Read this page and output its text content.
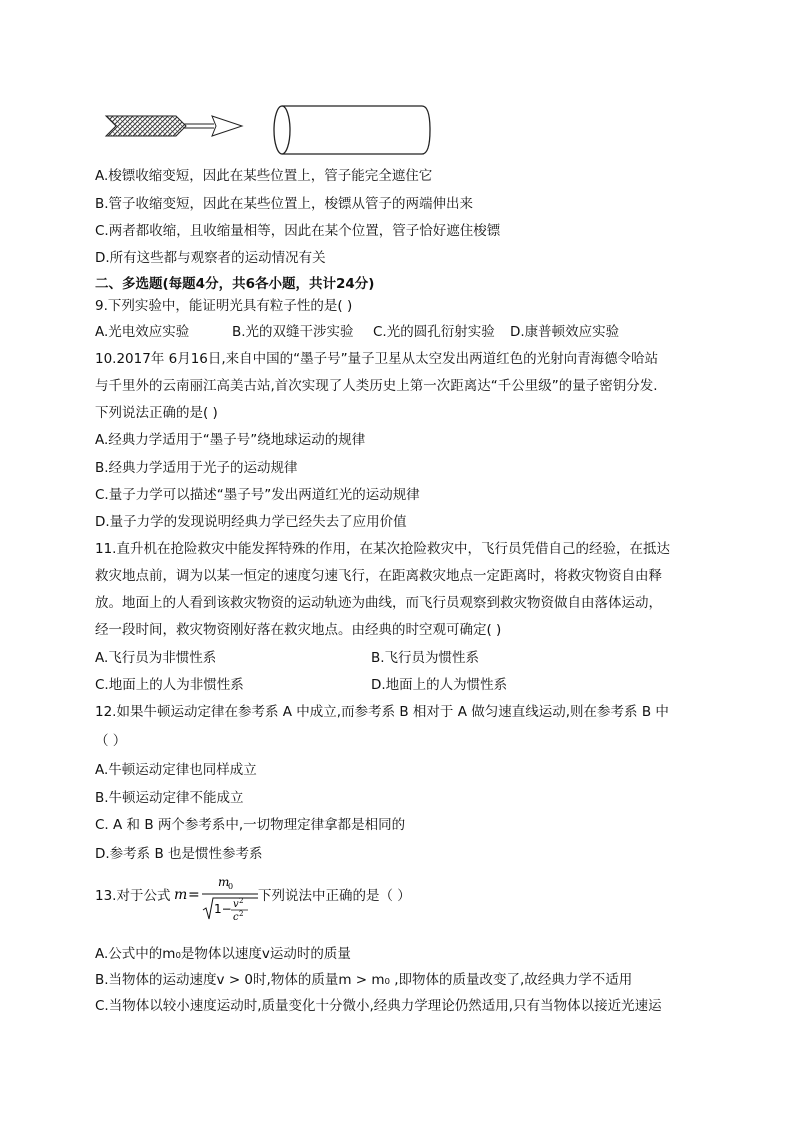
A.梭镖收缩变短，因此在某些位置上，管子能完全遮住它
B.管子收缩变短，因此在某些位置上，梭镖从管子的两端伸出来
C.两者都收缩，且收缩量相等，因此在某个位置，管子恰好遮住梭镖
D.所有这些都与观察者的运动情况有关
二、多选题(每题4分，共6各小题，共计24分)
9.下列实验中，能证明光具有粒子性的是( )
A.光电效应实验	B.光的双缝干涉实验 C.光的圆孔衍射实验 D.康普顿效应实验
10.2017年 6月16日,来自中国的“墨子号”量子卫星从太空发出两道红色的光射向青海德令哈站
与千里外的云南丽江高美古站,首次实现了人类历史上第一次距离达“千公里级”的量子密钥分发.
下列说法正确的是( )
A.经典力学适用于“墨子号”绕地球运动的规律
B.经典力学适用于光子的运动规律
C.量子力学可以描述“墨子号”发出两道红光的运动规律
D.量子力学的发现说明经典力学已经失去了应用价值
11.直升机在抢险救灾中能发挥特殊的作用，在某次抢险救灾中，飞行员凭借自己的经验，在抵达
救灾地点前，调为以某一恒定的速度匀速飞行，在距离救灾地点一定距离时，将救灾物资自由释
放。地面上的人看到该救灾物资的运动轨迹为曲线，而飞行员观察到救灾物资做自由落体运动，
经一段时间，救灾物资刚好落在救灾地点。由经典的时空观可确定( )
A.飞行员为非惯性系	B.飞行员为惯性系
C.地面上的人为非惯性系	D.地面上的人为惯性系
12.如果牛顿运动定律在参考系 A 中成立,而参考系 B 相对于 A 做匀速直线运动,则在参考系 B 中
（ ）
A.牛顿运动定律也同样成立
B.牛顿运动定律不能成立
C. A 和 B 两个参考系中,一切物理定律拿都是相同的
D.参考系 B 也是惯性参考系
13.对于公式 m =
m
0
1− v 2
c 2
下列说法中正确的是（ ）
A.公式中的m₀是物体以速度v运动时的质量
B.当物体的运动速度v > 0时,物体的质量m > m₀ ,即物体的质量改变了,故经典力学不适用
C.当物体以较小速度运动时,质量变化十分微小,经典力学理论仍然适用,只有当物体以接近光速运
